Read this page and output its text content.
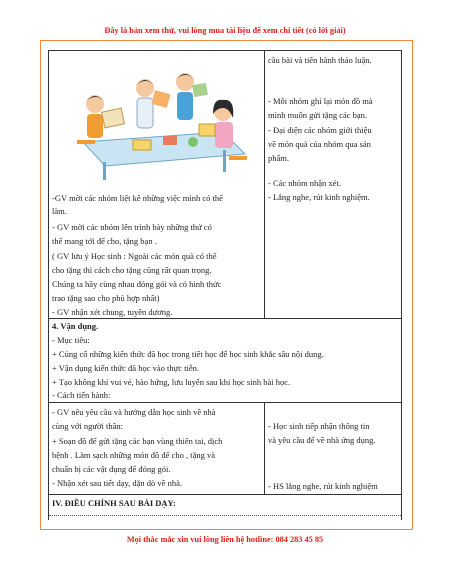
Đây là bản xem thử, vui lòng mua tài liệu để xem chi tiết (có lời giải)
-GV mời các nhóm liệt kê những việc mình có thể
làm.
- GV mời các nhóm lên trình bày những thứ có
thể mang tới để cho, tặng bạn .
( GV lưu ý Học sinh : Ngoài các món quà có thể
cho tặng thì cách cho tặng cũng rất quan trọng.
Chúng ta hãy cùng nhau đóng gói và có hình thức
trao tặng sao cho phù hợp nhất)
- GV nhận xét chung, tuyên dương.
cầu bài và tiến hành thảo luận.
- Mỗi nhóm ghi lại món đồ mà
mình muốn gửi tặng các bạn.
- Đại diện các nhóm giới thiệu
về món quà của nhóm qua sản
phẩm.
- Các nhóm nhận xét.
- Lắng nghe, rút kinh nghiệm.
4. Vận dụng.
- Mục tiêu:
+ Củng cố những kiến thức đã học trong tiết học để học sinh khắc sâu nội dung.
+ Vận dụng kiến thức đã học vào thực tiễn.
+ Tạo không khí vui vẻ, hào hứng, lưu luyến sau khi học sinh bài học.
- Cách tiến hành:
- GV nêu yêu cầu và hướng dẫn học sinh về nhà
cùng với người thân:
+ Soạn đồ để gửi tặng các bạn vùng thiên tai, dịch
bệnh . Làm sạch những món đồ để cho , tặng và
chuẩn bị các vật dụng để đóng gói.
- Nhận xét sau tiết dạy, dặn dò về nhà.
- Học sinh tiếp nhận thông tin
và yêu cầu để về nhà ứng dụng.
- HS lắng nghe, rút kinh nghiệm
IV. ĐIỀU CHỈNH SAU BÀI DẠY:
Mọi thắc mắc xin vui lòng liên hệ hotline: 084 283 45 85
